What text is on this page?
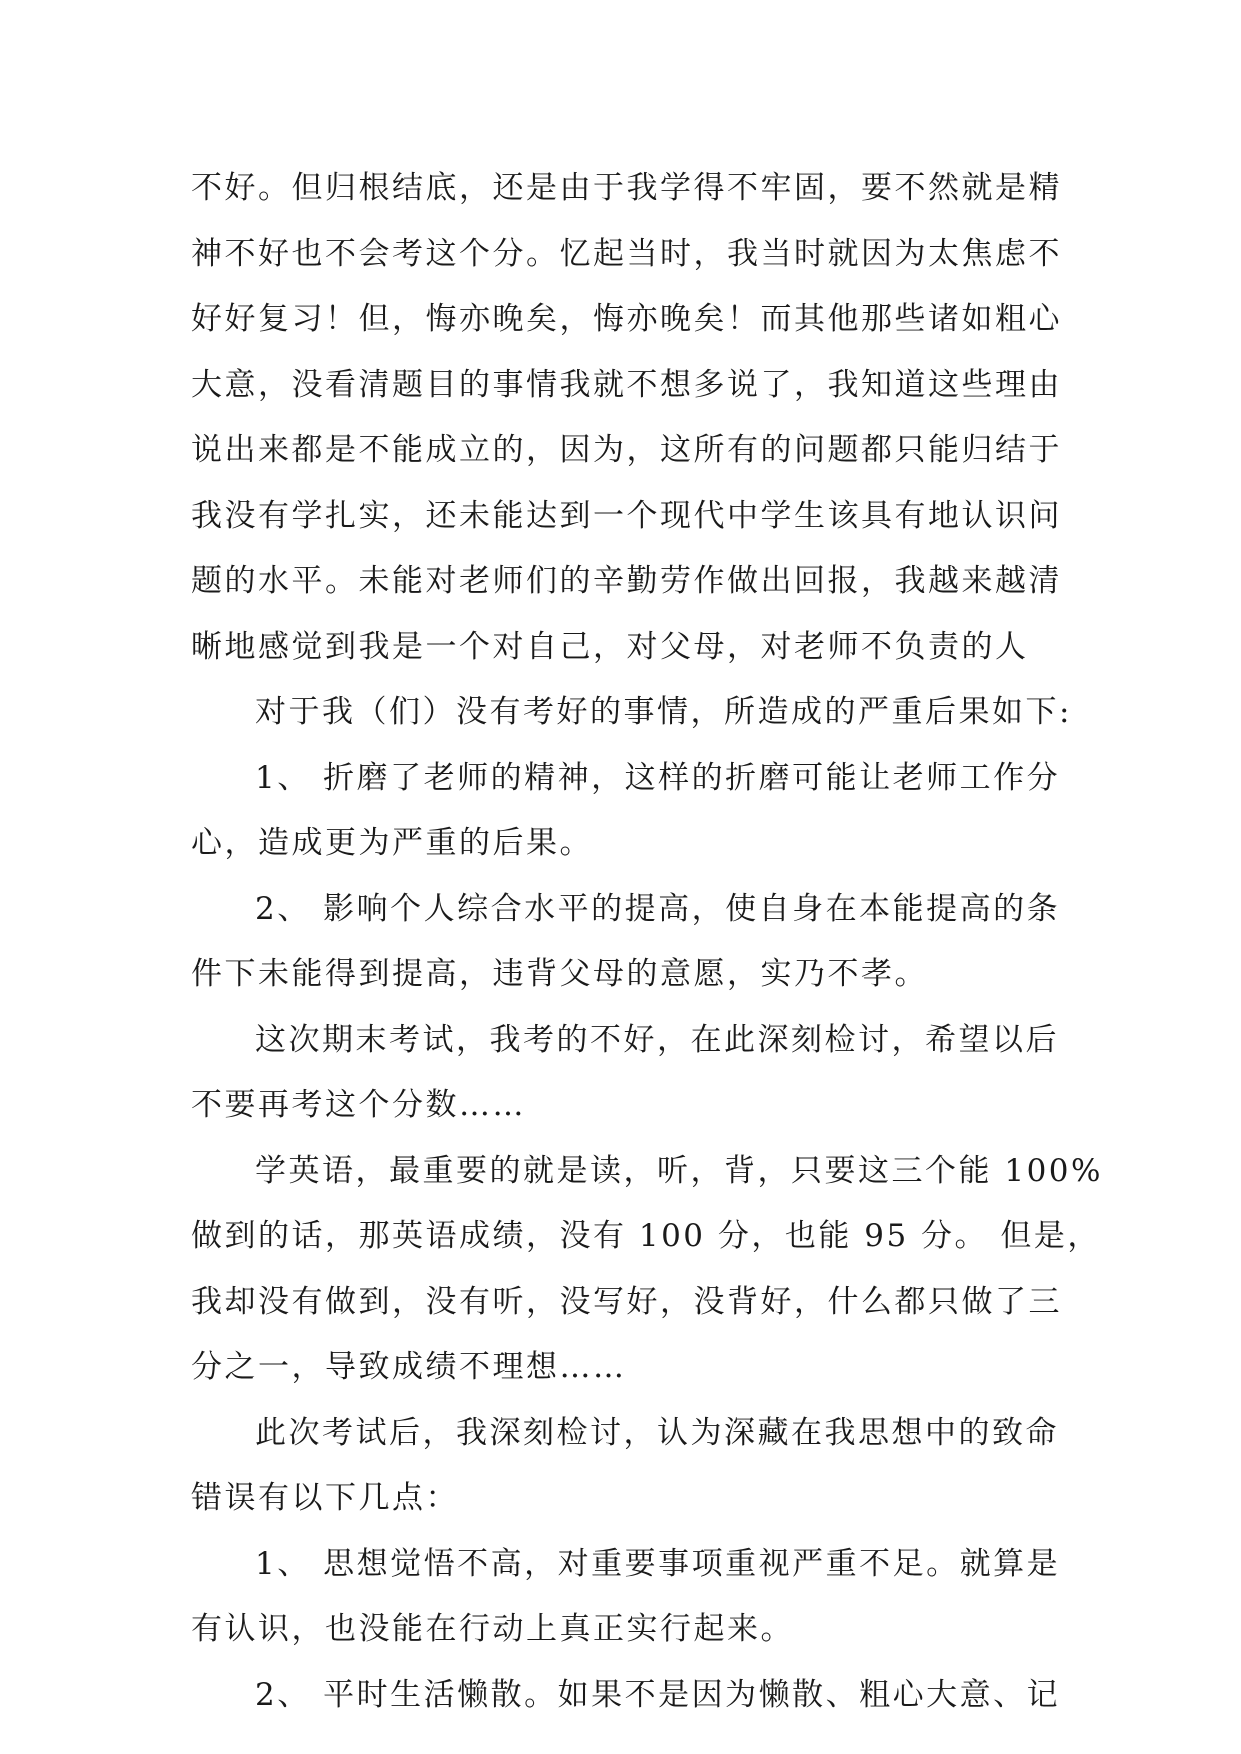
不好。但归根结底，还是由于我学得不牢固，要不然就是精
神不好也不会考这个分。忆起当时，我当时就因为太焦虑不
好好复习！但，悔亦晚矣，悔亦晚矣！而其他那些诸如粗心
大意，没看清题目的事情我就不想多说了，我知道这些理由
说出来都是不能成立的，因为，这所有的问题都只能归结于
我没有学扎实，还未能达到一个现代中学生该具有地认识问
题的水平。未能对老师们的辛勤劳作做出回报，我越来越清
晰地感觉到我是一个对自己，对父母，对老师不负责的人
对于我（们）没有考好的事情，所造成的严重后果如下:
1、 折磨了老师的精神，这样的折磨可能让老师工作分
心，造成更为严重的后果。
2、 影响个人综合水平的提高，使自身在本能提高的条
件下未能得到提高，违背父母的意愿，实乃不孝。
这次期末考试，我考的不好，在此深刻检讨，希望以后
不要再考这个分数……
学英语，最重要的就是读，听，背，只要这三个能 100%
做到的话，那英语成绩，没有 100 分，也能 95 分。 但是，
我却没有做到，没有听，没写好，没背好，什么都只做了三
分之一，导致成绩不理想……
此次考试后，我深刻检讨，认为深藏在我思想中的致命
错误有以下几点：
1、 思想觉悟不高，对重要事项重视严重不足。就算是
有认识，也没能在行动上真正实行起来。
2、 平时生活懒散。如果不是因为懒散、粗心大意、记
